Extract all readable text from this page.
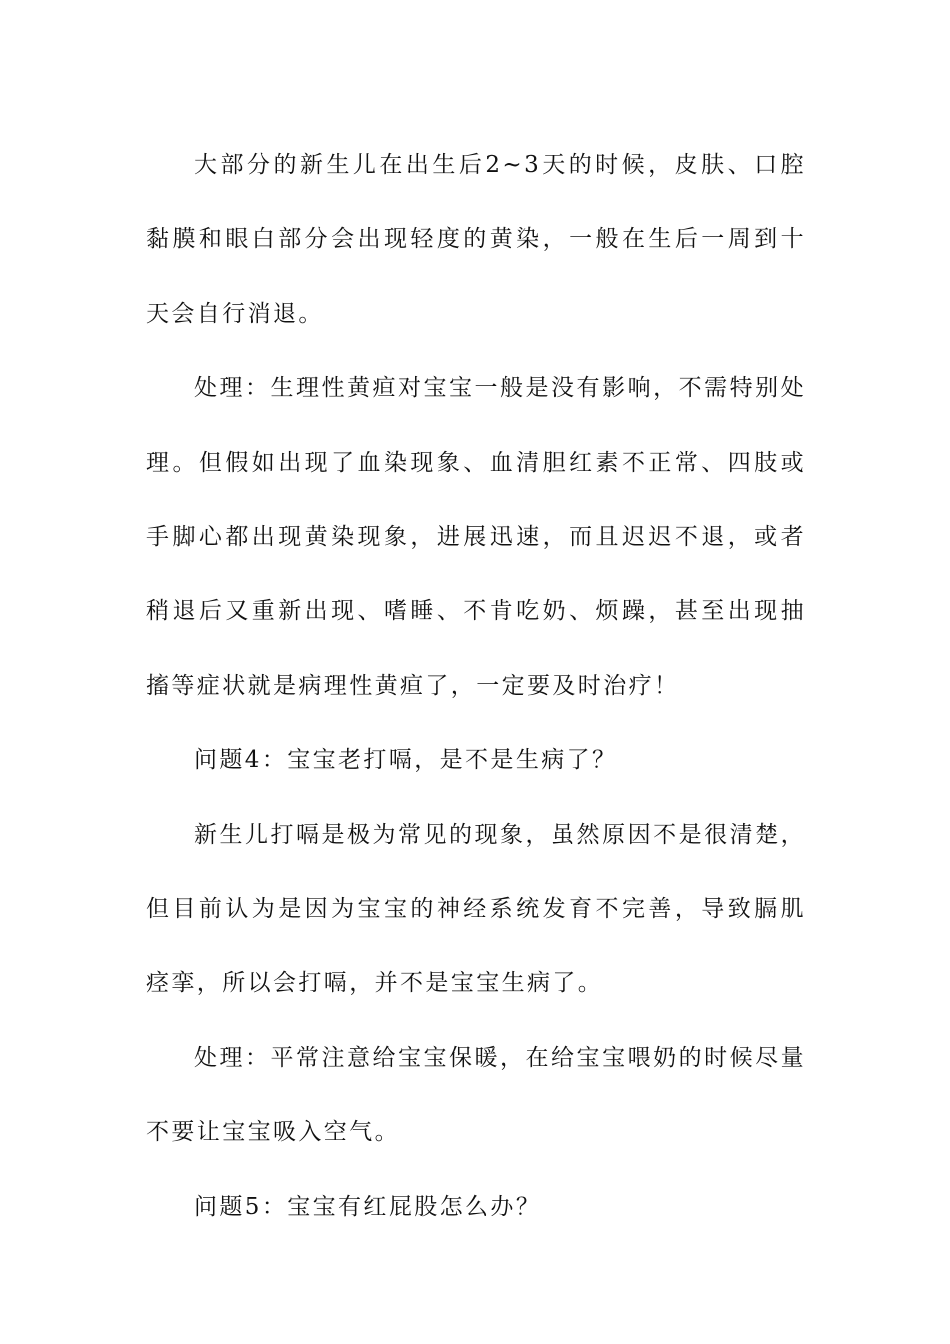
大部分的新生儿在出生后2~3天的时候，皮肤、口腔黏膜和眼白部分会出现轻度的黄染，一般在生后一周到十天会自行消退。

处理：生理性黄疸对宝宝一般是没有影响，不需特别处理。但假如出现了血染现象、血清胆红素不正常、四肢或手脚心都出现黄染现象，进展迅速，而且迟迟不退，或者稍退后又重新出现、嗜睡、不肯吃奶、烦躁，甚至出现抽搐等症状就是病理性黄疸了，一定要及时治疗！

问题4：宝宝老打嗝，是不是生病了？

新生儿打嗝是极为常见的现象，虽然原因不是很清楚，但目前认为是因为宝宝的神经系统发育不完善，导致膈肌痉挛，所以会打嗝，并不是宝宝生病了。

处理：平常注意给宝宝保暖，在给宝宝喂奶的时候尽量不要让宝宝吸入空气。

问题5：宝宝有红屁股怎么办？
